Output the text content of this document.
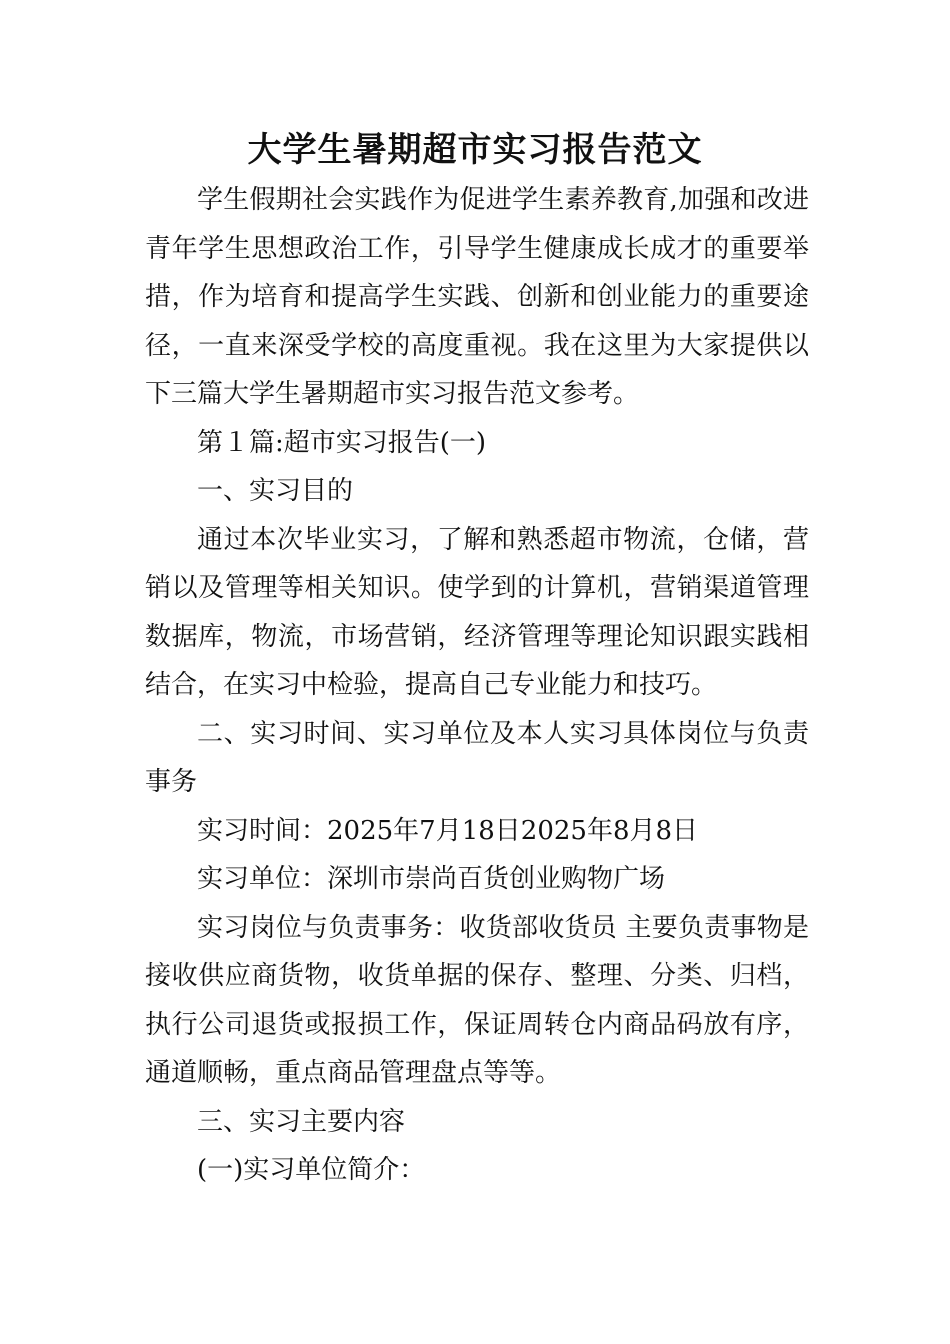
大学生暑期超市实习报告范文

学生假期社会实践作为促进学生素养教育,加强和改进青年学生思想政治工作，引导学生健康成长成才的重要举措，作为培育和提高学生实践、创新和创业能力的重要途径，一直来深受学校的高度重视。我在这里为大家提供以下三篇大学生暑期超市实习报告范文参考。

第１篇:超市实习报告(一)

一、实习目的

通过本次毕业实习，了解和熟悉超市物流，仓储，营销以及管理等相关知识。使学到的计算机，营销渠道管理数据库，物流，市场营销，经济管理等理论知识跟实践相结合，在实习中检验，提高自己专业能力和技巧。

二、实习时间、实习单位及本人实习具体岗位与负责事务

实习时间：2025年7月18日2025年8月8日

实习单位：深圳市崇尚百货创业购物广场

实习岗位与负责事务：收货部收货员 主要负责事物是接收供应商货物，收货单据的保存、整理、分类、归档，执行公司退货或报损工作，保证周转仓内商品码放有序，通道顺畅，重点商品管理盘点等等。

三、实习主要内容

(一)实习单位简介：
